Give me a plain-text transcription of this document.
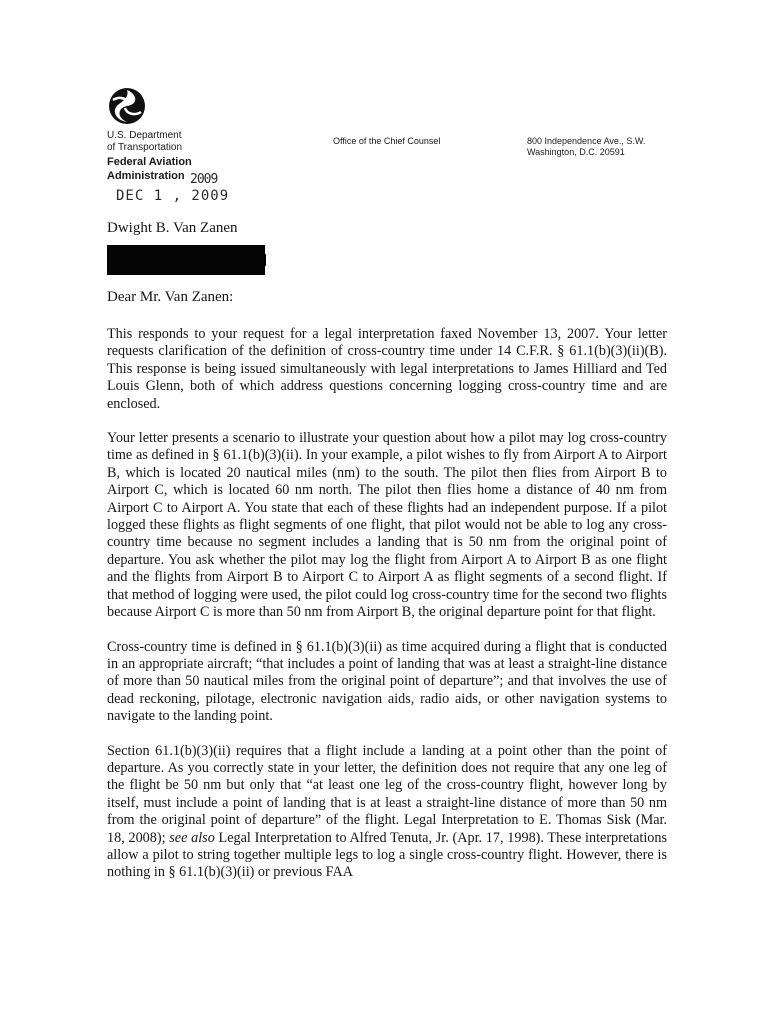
U.S. Department
of Transportation
Federal Aviation
Administration
Office of the Chief Counsel	800 Independence Ave., S.W.
Washington, D.C. 20591
2009
DEC 1 , 2009
Dwight B. Van Zanen
Dear Mr. Van Zanen:

This responds to your request for a legal interpretation faxed November 13, 2007. Your letter requests clarification of the definition of cross-country time under 14 C.F.R. § 61.1(b)(3)(ii)(B). This response is being issued simultaneously with legal interpretations to James Hilliard and Ted Louis Glenn, both of which address questions concerning logging cross-country time and are enclosed.

Your letter presents a scenario to illustrate your question about how a pilot may log cross-country time as defined in § 61.1(b)(3)(ii). In your example, a pilot wishes to fly from Airport A to Airport B, which is located 20 nautical miles (nm) to the south. The pilot then flies from Airport B to Airport C, which is located 60 nm north. The pilot then flies home a distance of 40 nm from Airport C to Airport A. You state that each of these flights had an independent purpose. If a pilot logged these flights as flight segments of one flight, that pilot would not be able to log any cross-country time because no segment includes a landing that is 50 nm from the original point of departure. You ask whether the pilot may log the flight from Airport A to Airport B as one flight and the flights from Airport B to Airport C to Airport A as flight segments of a second flight. If that method of logging were used, the pilot could log cross-country time for the second two flights because Airport C is more than 50 nm from Airport B, the original departure point for that flight.

Cross-country time is defined in § 61.1(b)(3)(ii) as time acquired during a flight that is conducted in an appropriate aircraft; “that includes a point of landing that was at least a straight-line distance of more than 50 nautical miles from the original point of departure”; and that involves the use of dead reckoning, pilotage, electronic navigation aids, radio aids, or other navigation systems to navigate to the landing point.

Section 61.1(b)(3)(ii) requires that a flight include a landing at a point other than the point of departure. As you correctly state in your letter, the definition does not require that any one leg of the flight be 50 nm but only that “at least one leg of the cross-country flight, however long by itself, must include a point of landing that is at least a straight-line distance of more than 50 nm from the original point of departure” of the flight. Legal Interpretation to E. Thomas Sisk (Mar. 18, 2008); see also Legal Interpretation to Alfred Tenuta, Jr. (Apr. 17, 1998). These interpretations allow a pilot to string together multiple legs to log a single cross-country flight. However, there is nothing in § 61.1(b)(3)(ii) or previous FAA
